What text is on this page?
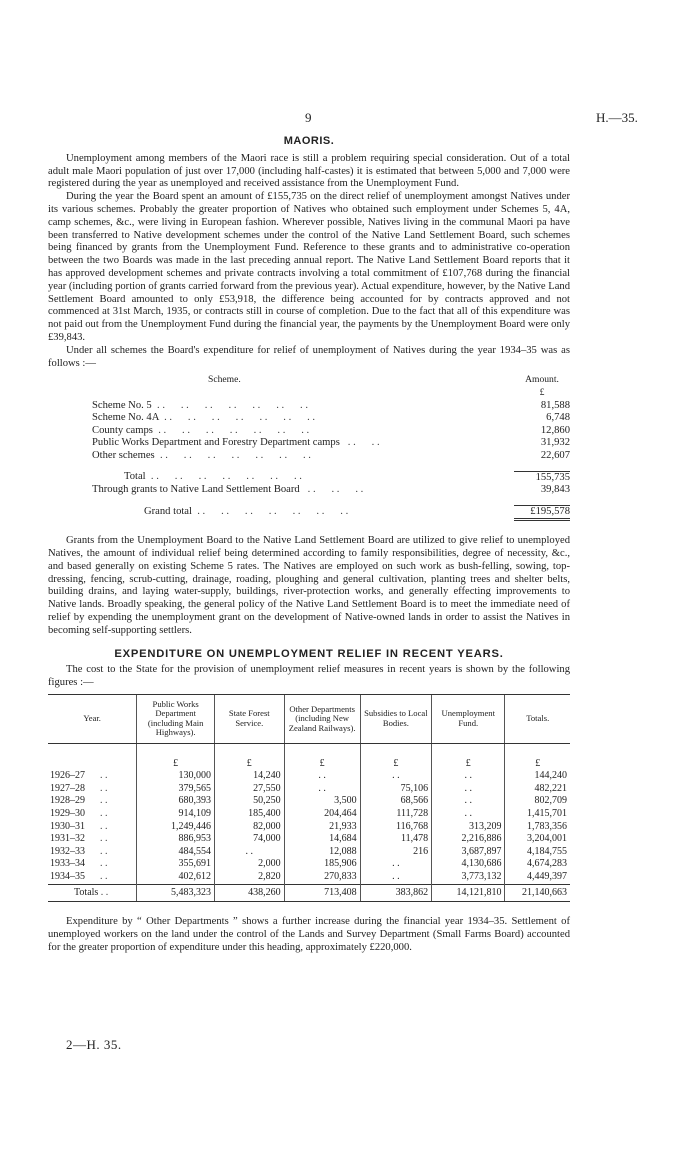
9	H.—35.
MAORIS.

Unemployment among members of the Maori race is still a problem requiring special consideration. Out of a total adult male Maori population of just over 17,000 (including half-castes) it is estimated that between 5,000 and 7,000 were registered during the year as unemployed and received assistance from the Unemployment Fund.

During the year the Board spent an amount of £155,735 on the direct relief of unemployment amongst Natives under its various schemes. Probably the greater proportion of Natives who obtained such employment under Schemes 5, 4A, camp schemes, &c., were living in European fashion. Wherever possible, Natives living in the communal Maori pa have been transferred to Native development schemes under the control of the Native Land Settlement Board, such schemes being financed by grants from the Unemployment Fund. Reference to these grants and to administrative co-operation between the two Boards was made in the last preceding annual report. The Native Land Settlement Board reports that it has approved development schemes and private contracts involving a total commitment of £107,768 during the financial year (including portion of grants carried forward from the previous year). Actual expenditure, however, by the Native Land Settlement Board amounted to only £53,918, the difference being accounted for by contracts approved and not commenced at 31st March, 1935, or contracts still in course of completion. Due to the fact that all of this expenditure was not paid out from the Unemployment Fund during the financial year, the payments by the Unemployment Board were only £39,843.

Under all schemes the Board's expenditure for relief of unemployment of Natives during the year 1934–35 was as follows :—

Scheme.	Amount.
	£
Scheme No. 5  . .      . .      . .      . .      . .      . .      . .	81,588
Scheme No. 4A  . .      . .      . .      . .      . .      . .      . .	6,748
County camps  . .      . .      . .      . .      . .      . .      . .	12,860
Public Works Department and Forestry Department camps   . .      . .	31,932
Other schemes  . .      . .      . .      . .      . .      . .      . .	22,607

Total  . .      . .      . .      . .      . .      . .      . .	155,735
Through grants to Native Land Settlement Board   . .      . .      . .	39,843

Grand total  . .      . .      . .      . .      . .      . .      . .	£195,578

Grants from the Unemployment Board to the Native Land Settlement Board are utilized to give relief to unemployed Natives, the amount of individual relief being determined according to family responsibilities, degree of necessity, &c., and based generally on existing Scheme 5 rates. The Natives are employed on such work as bush-felling, sowing, top-dressing, fencing, scrub-cutting, drainage, roading, ploughing and general cultivation, planting trees and shelter belts, building drains, and laying water-supply, buildings, river-protection works, and generally effecting improvements to Native lands. Broadly speaking, the general policy of the Native Land Settlement Board is to meet the immediate need of relief by expending the unemployment grant on the development of Native-owned lands in order to assist the Natives in becoming self-supporting settlers.

EXPENDITURE ON UNEMPLOYMENT RELIEF IN RECENT YEARS.

The cost to the State for the provision of unemployment relief measures in recent years is shown by the following figures :—

Year.	Public Works Department (including Main Highways).	State Forest Service.	Other Departments (including New Zealand Railways).	Subsidies to Local Bodies.	Unemployment Fund.	Totals.
	£	£	£	£	£	£
1926–27 . .	130,000	14,240	. .	. .	. .	144,240
1927–28 . .	379,565	27,550	. .	75,106	. .	482,221
1928–29 . .	680,393	50,250	3,500	68,566	. .	802,709
1929–30 . .	914,109	185,400	204,464	111,728	. .	1,415,701
1930–31 . .	1,249,446	82,000	21,933	116,768	313,209	1,783,356
1931–32 . .	886,953	74,000	14,684	11,478	2,216,886	3,204,001
1932–33 . .	484,554	. .	12,088	216	3,687,897	4,184,755
1933–34 . .	355,691	2,000	185,906	. .	4,130,686	4,674,283
1934–35 . .	402,612	2,820	270,833	. .	3,773,132	4,449,397
Totals . .	5,483,323	438,260	713,408	383,862	14,121,810	21,140,663

Expenditure by “ Other Departments ” shows a further increase during the financial year 1934–35. Settlement of unemployed workers on the land under the control of the Lands and Survey Department (Small Farms Board) accounted for the greater proportion of expenditure under this heading, approximately £220,000.

2—H. 35.
